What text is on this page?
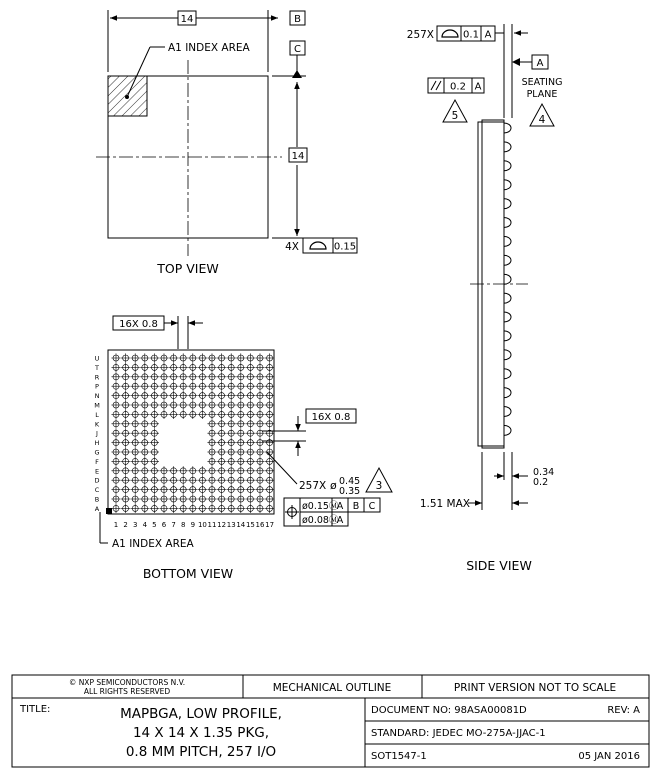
14	B
C
14
A1 INDEX AREA
4X	0.15
TOP VIEW
U
T
R
P
N
M
L
K
J
H
G
F
E
D
C
B
A
1 2 3 4 5 6 7 8 9 10 11 12 13 14 15 16 17
16X 0.8
16X 0.8
257X ø 0.45
0.35 3
ø0.15Ⓜ
A B C
ø0.08Ⓜ
A
A1 INDEX AREA
BOTTOM VIEW
257X	0.1 A
A
SEATING
PLANE
4
0.2 A
5
0.34
0.2
1.51 MAX
SIDE VIEW
© NXP SEMICONDUCTORS N.V.
ALL RIGHTS RESERVED	MECHANICAL OUTLINE	PRINT VERSION NOT TO SCALE
TITLE:	MAPBGA, LOW PROFILE,
14 X 14 X 1.35 PKG,
0.8 MM PITCH, 257 I/O
DOCUMENT NO: 98ASA00081D	REV: A
STANDARD: JEDEC MO-275A-JJAC-1
SOT1547-1	05 JAN 2016
